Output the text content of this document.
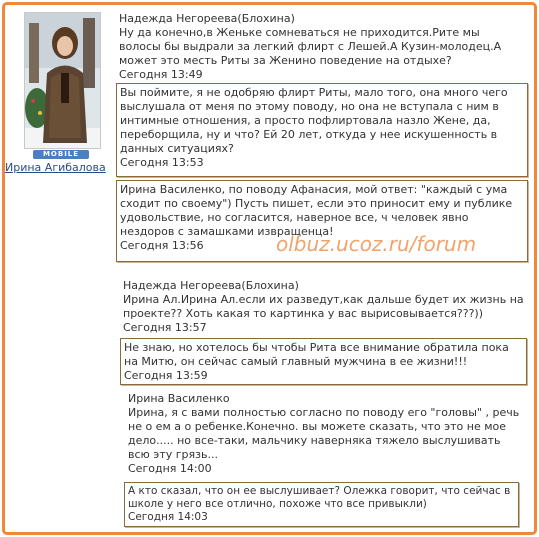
MOBILE
Ирина Агибалова
Надежда Негореева(Блохина)
Ну да конечно,в Женьке сомневаться не приходится.Рите мы волосы бы выдрали за легкий флирт с Лешей.А Кузин-молодец.А может это месть Риты за Женино поведение на отдыхе?
Сегодня 13:49
Вы поймите, я не одобряю флирт Риты, мало того, она много чего выслушала от меня по этому поводу, но она не вступала с ним в интимные отношения, а просто пофлиртовала назло Жене, да, переборщила, ну и что? Ей 20 лет, откуда у нее искушенность в данных ситуациях?
Сегодня 13:53
Ирина Василенко, по поводу Афанасия, мой ответ: "каждый с ума сходит по своему") Пусть пишет, если это приносит ему и публике удовольствие, но согласится, наверное все, ч человек явно нездоров с замашками извращенца!
Сегодня 13:56	olbuz.ucoz.ru/forum
Надежда Негореева(Блохина)
Ирина Ал.Ирина Ал.если их разведут,как дальше будет их жизнь на проекте?? Хоть какая то картинка у вас вырисовывается???))
Сегодня 13:57
Не знаю, но хотелось бы чтобы Рита все внимание обратила пока на Митю, он сейчас самый главный мужчина в ее жизни!!!
Сегодня 13:59
Ирина Василенко
Ирина, я с вами полностью согласно по поводу его "головы" , речь не о ем а о ребенке.Конечно. вы можете сказать, что это не мое дело..... но все-таки, мальчику наверняка тяжело выслушивать всю эту грязь...
Сегодня 14:00
А кто сказал, что он ее выслушивает? Олежка говорит, что сейчас в школе у него все отлично, похоже что все привыкли)
Сегодня 14:03
